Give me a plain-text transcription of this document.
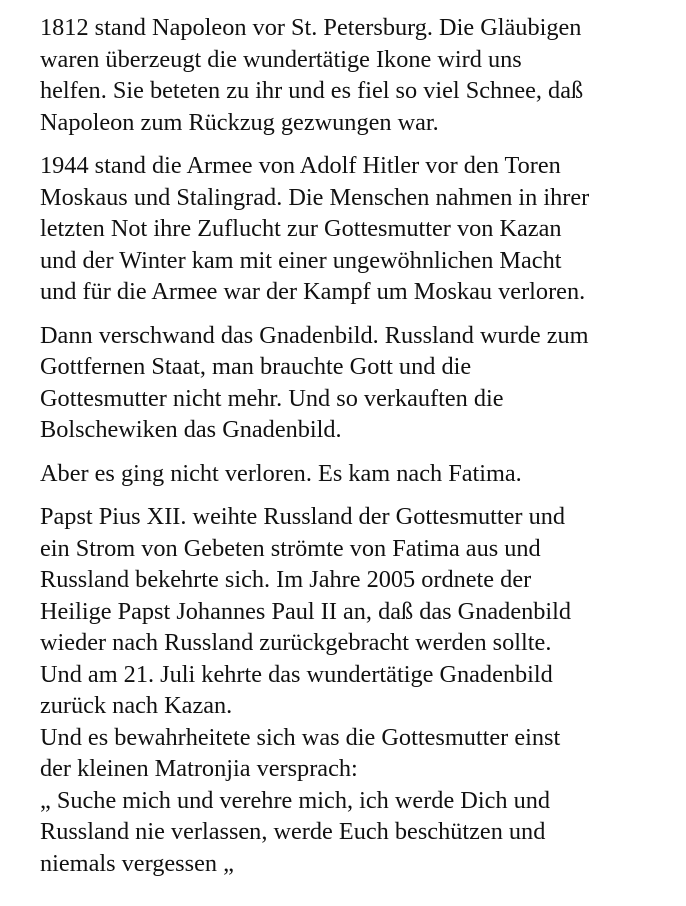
1812 stand Napoleon vor St. Petersburg. Die Gläubigen
waren überzeugt die wundertätige Ikone wird uns
helfen. Sie beteten zu ihr und es fiel so viel Schnee, daß
Napoleon zum Rückzug gezwungen war.
1944 stand die Armee von Adolf Hitler vor den Toren
Moskaus und Stalingrad. Die Menschen nahmen in ihrer
letzten Not ihre Zuflucht zur Gottesmutter von Kazan
und der Winter kam mit einer ungewöhnlichen Macht
und für die Armee war der Kampf um Moskau verloren.
Dann verschwand das Gnadenbild. Russland wurde zum
Gottfernen Staat, man brauchte Gott und die
Gottesmutter nicht mehr. Und so verkauften die
Bolschewiken das Gnadenbild.
Aber es ging nicht verloren. Es kam nach Fatima.
Papst Pius XII. weihte Russland der Gottesmutter und
ein Strom von Gebeten strömte von Fatima aus und
Russland bekehrte sich. Im Jahre 2005 ordnete der
Heilige Papst Johannes Paul II an, daß das Gnadenbild
wieder nach Russland zurückgebracht werden sollte.
Und am 21. Juli kehrte das wundertätige Gnadenbild
zurück nach Kazan.
Und es bewahrheitete sich was die Gottesmutter einst
der kleinen Matronjia versprach:
„ Suche mich und verehre mich, ich werde Dich und
Russland nie verlassen, werde Euch beschützen und
niemals vergessen „
